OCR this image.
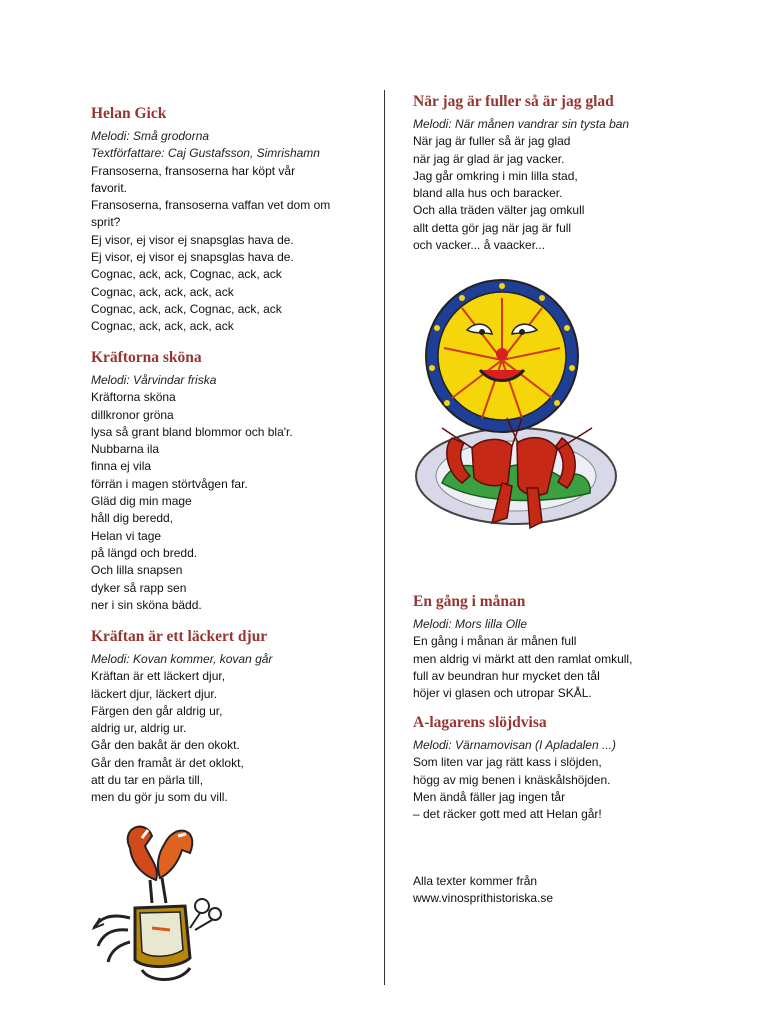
Helan Gick
Melodi: Små grodorna
Textförfattare: Caj Gustafsson, Simrishamn
Fransoserna, fransoserna har köpt vår
favorit.
Fransoserna, fransoserna vaffan vet dom om
sprit?
Ej visor, ej visor ej snapsglas hava de.
Ej visor, ej visor ej snapsglas hava de.
Cognac, ack, ack, Cognac, ack, ack
Cognac, ack, ack, ack, ack
Cognac, ack, ack, Cognac, ack, ack
Cognac, ack, ack, ack, ack
Kräftorna sköna
Melodi: Vårvindar friska
Kräftorna sköna
dillkronor gröna
lysa så grant bland blommor och bla'r.
Nubbarna ila
finna ej vila
förrän i magen störtvågen far.
Gläd dig min mage
håll dig beredd,
Helan vi tage
på längd och bredd.
Och lilla snapsen
dyker så rapp sen
ner i sin sköna bädd.
Kräftan är ett läckert djur
Melodi: Kovan kommer, kovan går
Kräftan är ett läckert djur,
läckert djur, läckert djur.
Färgen den går aldrig ur,
aldrig ur, aldrig ur.
Går den bakåt är den okokt.
Går den framåt är det oklokt,
att du tar en pärla till,
men du gör ju som du vill.
När jag är fuller så är jag glad
Melodi: När månen vandrar sin tysta ban
När jag är fuller så är jag glad
när jag är glad är jag vacker.
Jag går omkring i min lilla stad,
bland alla hus och baracker.
Och alla träden välter jag omkull
allt detta gör jag när jag är full
och vacker... å vaacker...
En gång i månan
Melodi: Mors lilla Olle
En gång i månan är månen full
men aldrig vi märkt att den ramlat omkull,
full av beundran hur mycket den tål
höjer vi glasen och utropar SKÅL.
A-lagarens slöjdvisa
Melodi: Värnamovisan (I Apladalen ...)
Som liten var jag rätt kass i slöjden,
högg av mig benen i knäskålshöjden.
Men ändå fäller jag ingen tår
– det räcker gott med att Helan går!
Alla texter kommer från
www.vinosprithistoriska.se
